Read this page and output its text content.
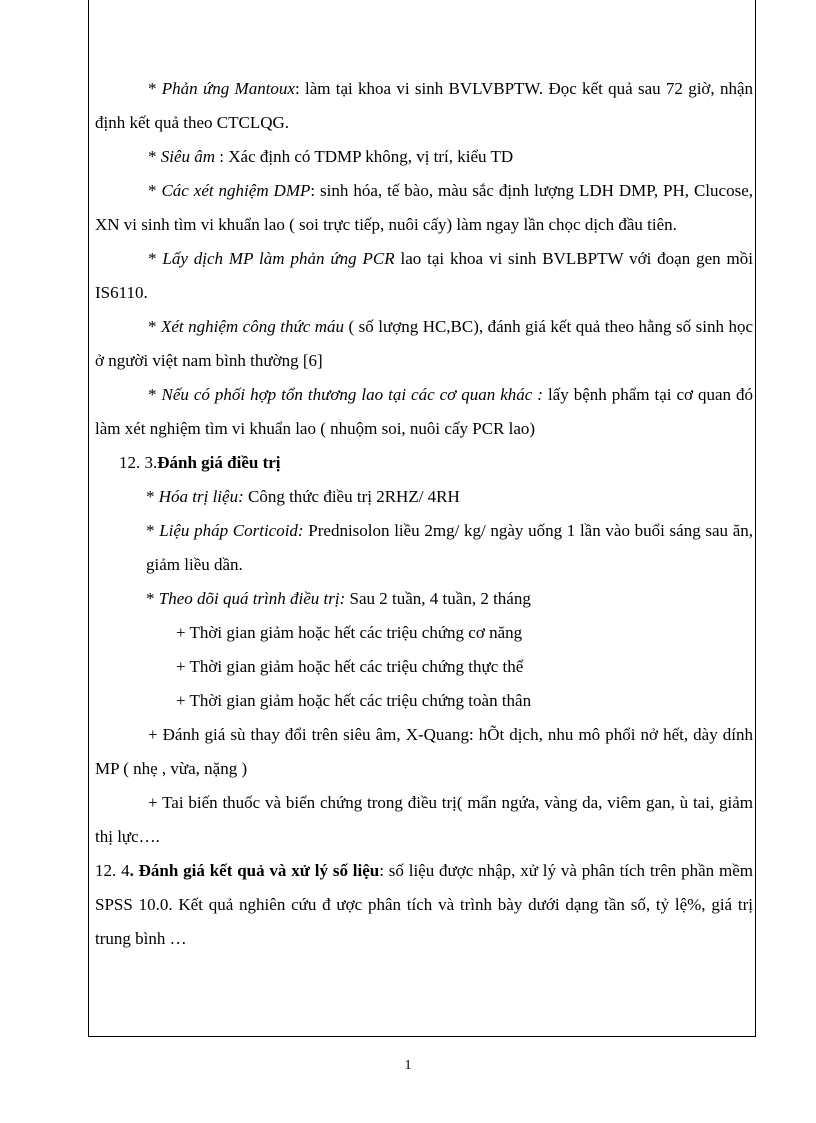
* Phản ứng Mantoux: làm tại khoa vi sinh BVLVBPTW. Đọc kết quả sau 72 giờ, nhận định kết quả theo CTCLQG.

* Siêu âm : Xác định có TDMP không, vị trí, kiểu TD

* Các xét nghiệm DMP: sinh hóa, tế bào, màu sắc định lượng LDH DMP, PH, Clucose, XN vi sinh tìm vi khuẩn lao ( soi trực tiếp, nuôi cấy) làm ngay lần chọc dịch đầu tiên.

* Lấy dịch MP làm phản ứng PCR lao tại khoa vi sinh BVLBPTW với đoạn gen mồi IS6110.

* Xét nghiệm công thức máu ( số lượng HC,BC), đánh giá kết quả theo hằng số sinh học ở người việt nam bình thường [6]

* Nếu có phối hợp tổn thương lao tại các cơ quan khác : lấy bệnh phẩm tại cơ quan đó làm xét nghiệm tìm vi khuẩn lao ( nhuộm soi, nuôi cấy PCR lao)

12. 3.Đánh giá điều trị

* Hóa trị liệu: Công thức điều trị 2RHZ/ 4RH

* Liệu pháp Corticoid: Prednisolon liều 2mg/ kg/ ngày uống 1 lần vào buổi sáng sau ăn, giảm liều dần.

* Theo dõi quá trình điều trị: Sau 2 tuần, 4 tuần, 2 tháng

+ Thời gian giảm hoặc hết các triệu chứng cơ năng

+ Thời gian giảm hoặc hết các triệu chứng thực thể

+ Thời gian giảm hoặc hết các triệu chứng toàn thân

+ Đánh giá sù thay đổi trên siêu âm, X-Quang: hÕt dịch, nhu mô phổi nở hết, dày dính MP ( nhẹ , vừa, nặng )

+ Tai biến thuốc và biến chứng trong điều trị( mẩn ngứa, vàng da, viêm gan, ù tai, giảm thị lực….

12. 4. Đánh giá kết quả và xử lý số liệu: số liệu được nhập, xử lý và phân tích trên phần mềm SPSS 10.0. Kết quả nghiên cứu đ ược phân tích và trình bày dưới dạng tần số, tỷ lệ%, giá trị trung bình …

1
